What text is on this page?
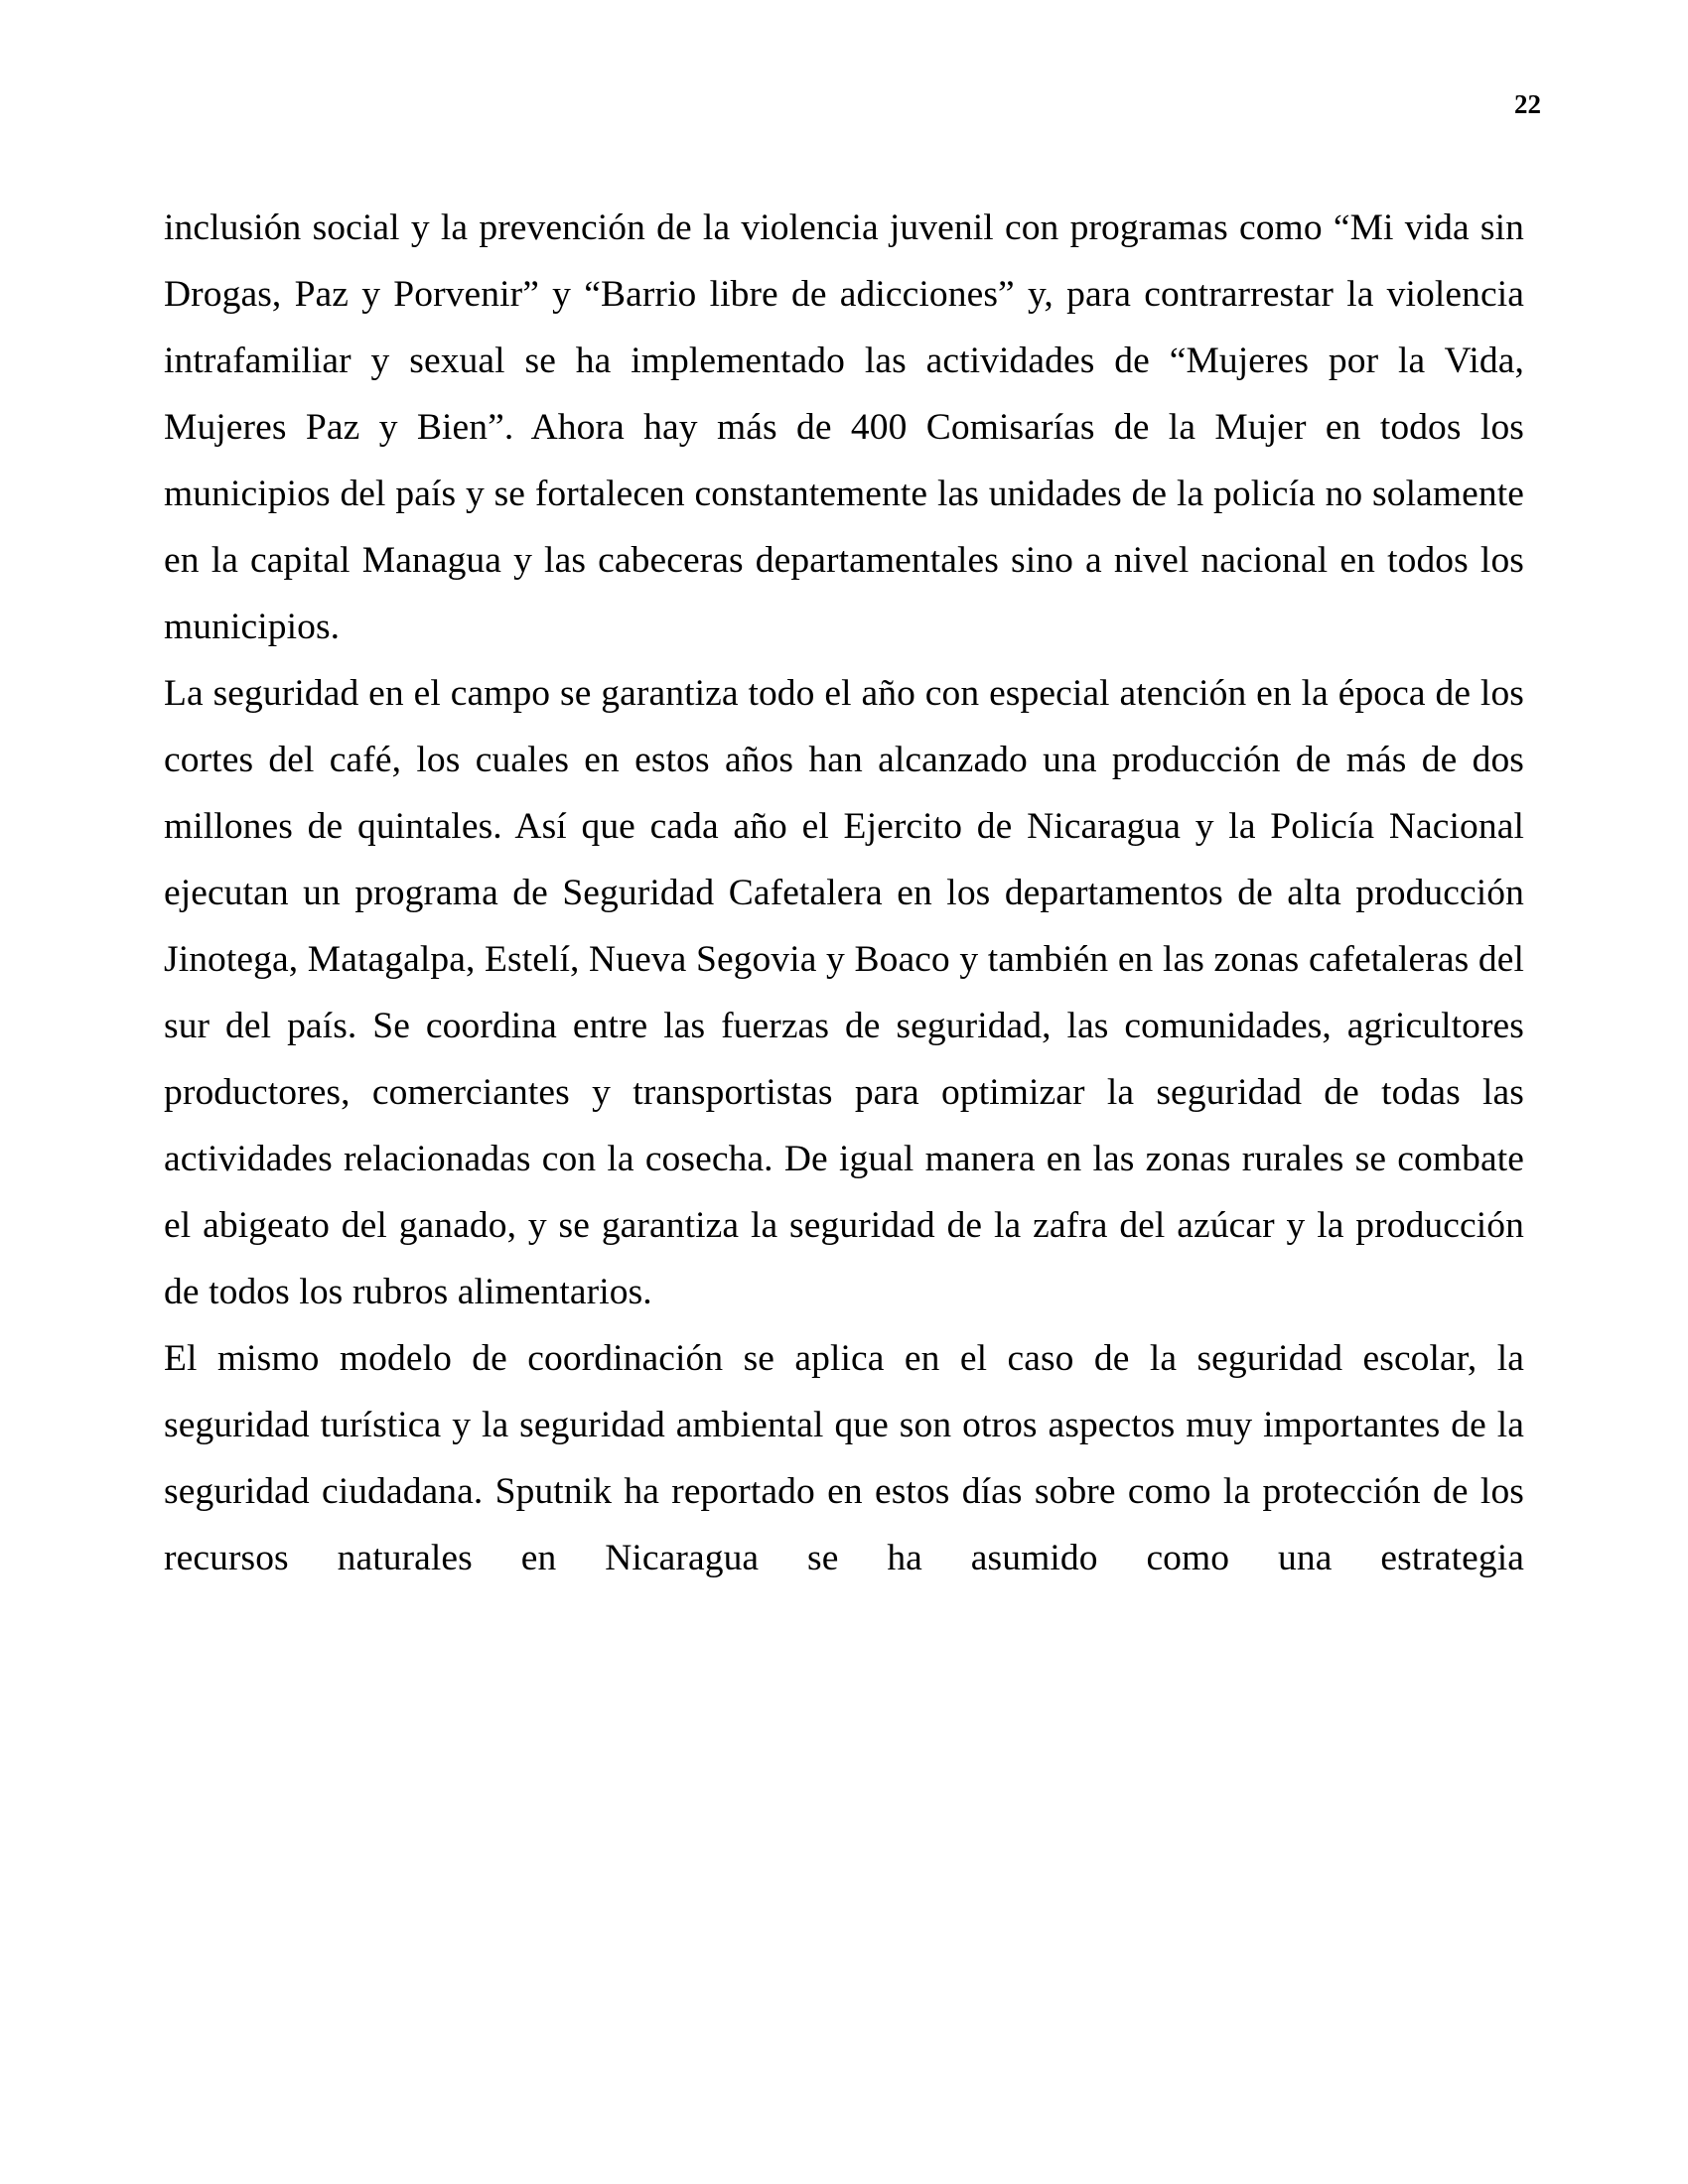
22

inclusión social y la prevención de la violencia juvenil con programas como “Mi vida sin Drogas, Paz y Porvenir” y “Barrio libre de adicciones” y, para contrarrestar la violencia intrafamiliar y sexual se ha implementado las actividades de “Mujeres por la Vida, Mujeres Paz y Bien”. Ahora hay más de 400 Comisarías de la Mujer en todos los municipios del país y se fortalecen constantemente las unidades de la policía no solamente en la capital Managua y las cabeceras departamentales sino a nivel nacional en todos los municipios.

La seguridad en el campo se garantiza todo el año con especial atención en la época de los cortes del café, los cuales en estos años han alcanzado una producción de más de dos millones de quintales. Así que cada año el Ejercito de Nicaragua y la Policía Nacional ejecutan un programa de Seguridad Cafetalera en los departamentos de alta producción Jinotega, Matagalpa, Estelí, Nueva Segovia y Boaco y también en las zonas cafetaleras del sur del país. Se coordina entre las fuerzas de seguridad, las comunidades, agricultores productores, comerciantes y transportistas para optimizar la seguridad de todas las actividades relacionadas con la cosecha. De igual manera en las zonas rurales se combate el abigeato del ganado, y se garantiza la seguridad de la zafra del azúcar y la producción de todos los rubros alimentarios.

El mismo modelo de coordinación se aplica en el caso de la seguridad escolar, la seguridad turística y la seguridad ambiental que son otros aspectos muy importantes de la seguridad ciudadana. Sputnik ha reportado en estos días sobre como la protección de los recursos naturales en Nicaragua se ha asumido como una estrategia
